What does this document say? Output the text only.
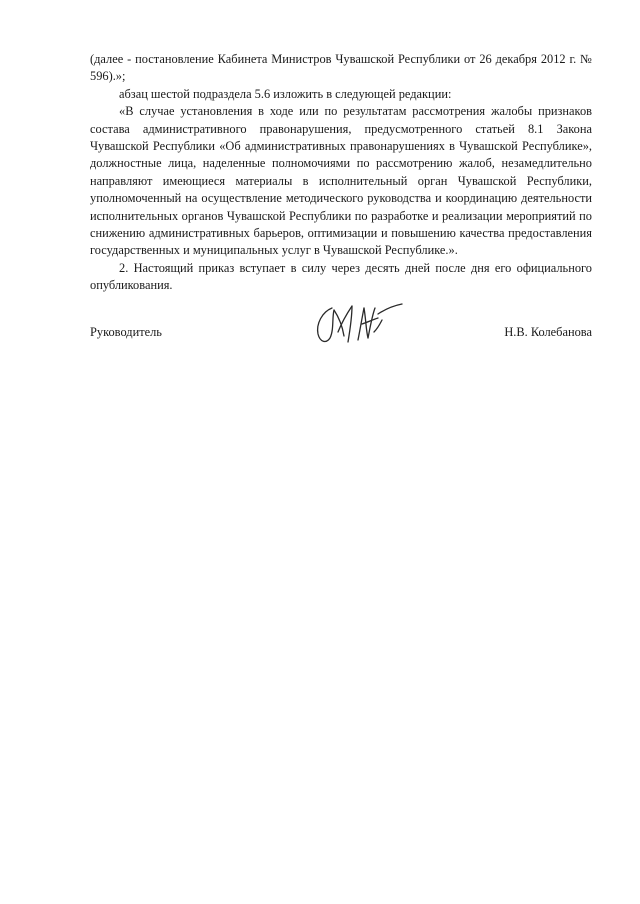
(далее - постановление Кабинета Министров Чувашской Республики от 26 декабря 2012 г. № 596).»;

абзац шестой подраздела 5.6 изложить в следующей редакции:

«В случае установления в ходе или по результатам рассмотрения жалобы признаков состава административного правонарушения, предусмотренного статьей 8.1 Закона Чувашской Республики «Об административных правонарушениях в Чувашской Республике», должностные лица, наделенные полномочиями по рассмотрению жалоб, незамедлительно направляют имеющиеся материалы в исполнительный орган Чувашской Республики, уполномоченный на осуществление методического руководства и координацию деятельности исполнительных органов Чувашской Республики по разработке и реализации мероприятий по снижению административных барьеров, оптимизации и повышению качества предоставления государственных и муниципальных услуг в Чувашской Республике.».

2. Настоящий приказ вступает в силу через десять дней после дня его официального опубликования.

Руководитель	Н.В. Колебанова
